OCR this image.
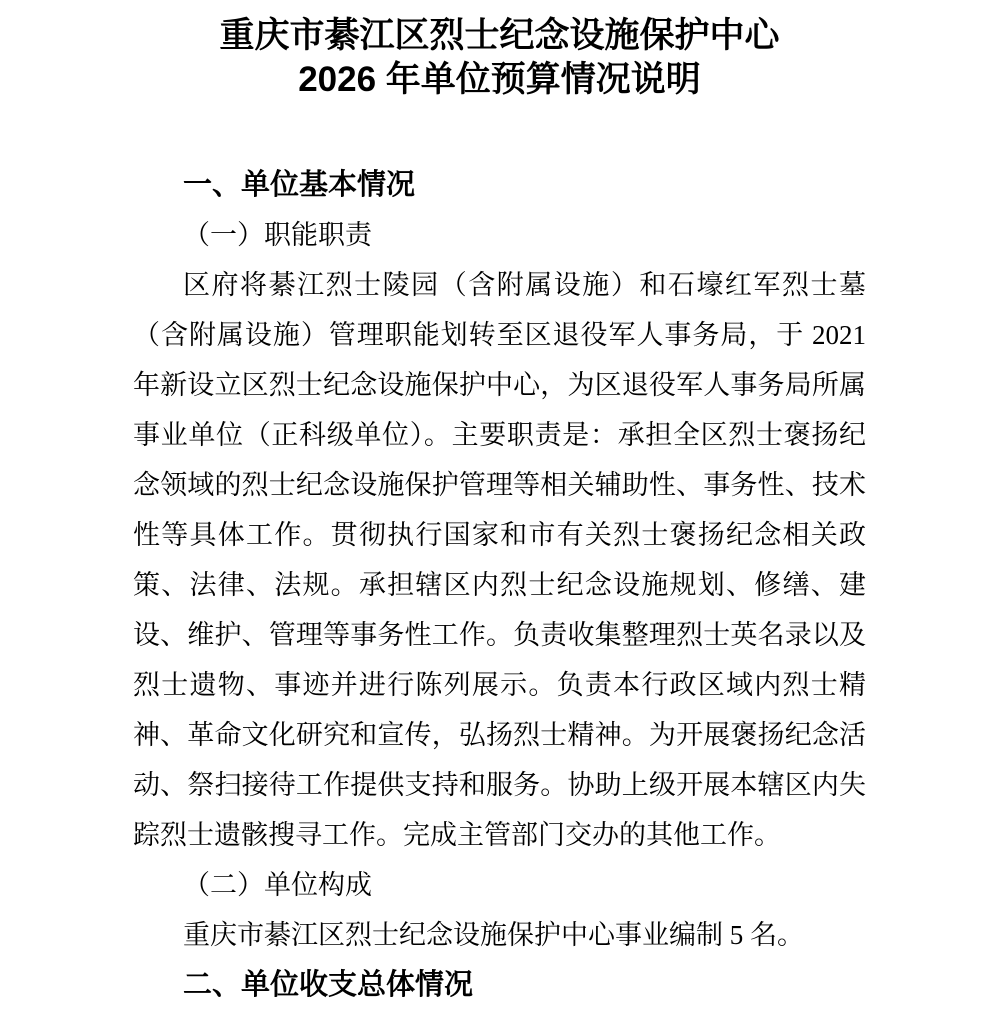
重庆市綦江区烈士纪念设施保护中心
2026 年单位预算情况说明
一、单位基本情况
（一）职能职责

区府将綦江烈士陵园（含附属设施）和石壕红军烈士墓（含附属设施）管理职能划转至区退役军人事务局，于 2021 年新设立区烈士纪念设施保护中心，为区退役军人事务局所属事业单位（正科级单位）。主要职责是：承担全区烈士褒扬纪念领域的烈士纪念设施保护管理等相关辅助性、事务性、技术性等具体工作。贯彻执行国家和市有关烈士褒扬纪念相关政策、法律、法规。承担辖区内烈士纪念设施规划、修缮、建设、维护、管理等事务性工作。负责收集整理烈士英名录以及烈士遗物、事迹并进行陈列展示。负责本行政区域内烈士精神、革命文化研究和宣传，弘扬烈士精神。为开展褒扬纪念活动、祭扫接待工作提供支持和服务。协助上级开展本辖区内失踪烈士遗骸搜寻工作。完成主管部门交办的其他工作。

（二）单位构成

重庆市綦江区烈士纪念设施保护中心事业编制 5 名。

二、单位收支总体情况
